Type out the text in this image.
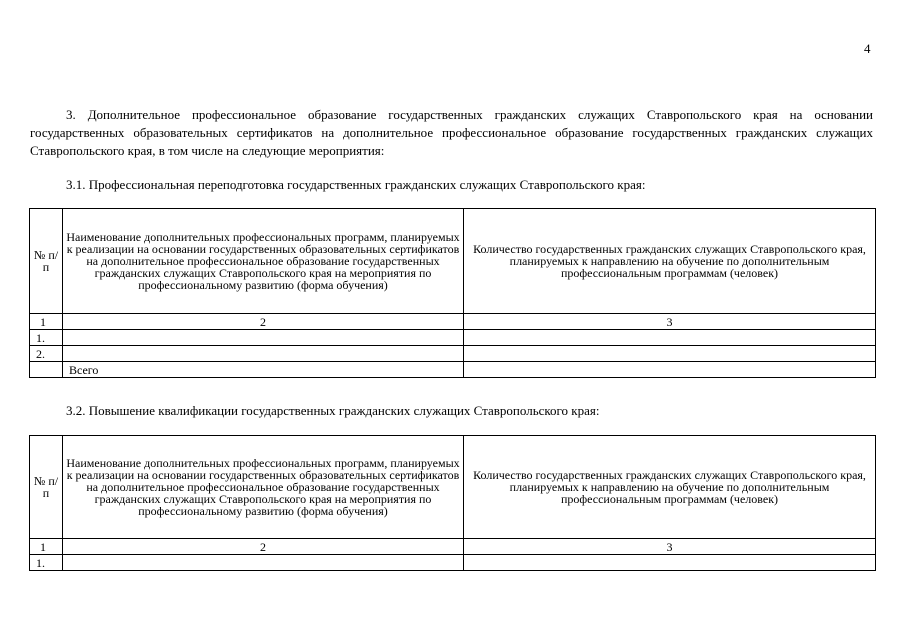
4
3. Дополнительное профессиональное образование государственных гражданских служащих Ставропольского края на основании государственных образовательных сертификатов на дополнительное профессиональное образование государственных гражданских служащих Ставропольского края, в том числе на следующие мероприятия:
3.1. Профессиональная переподготовка государственных гражданских служащих Ставропольского края:
№ п/п	Наименование дополнительных профессиональных программ, планируемых к реализации на основании государственных образовательных сертификатов на дополнительное профессиональное образование государственных гражданских служащих Ставропольского края на мероприятия по профессиональному развитию (форма обучения)	Количество государственных гражданских служащих Ставропольского края, планируемых к направлению на обучение по дополнительным профессиональным программам (человек)
1	2	3
1.		
2.		
	Всего	
3.2. Повышение квалификации государственных гражданских служащих Ставропольского края:
№ п/п	Наименование дополнительных профессиональных программ, планируемых к реализации на основании государственных образовательных сертификатов на дополнительное профессиональное образование государственных гражданских служащих Ставропольского края на мероприятия по профессиональному развитию (форма обучения)	Количество государственных гражданских служащих Ставропольского края, планируемых к направлению на обучение по дополнительным профессиональным программам (человек)
1	2	3
1.		
